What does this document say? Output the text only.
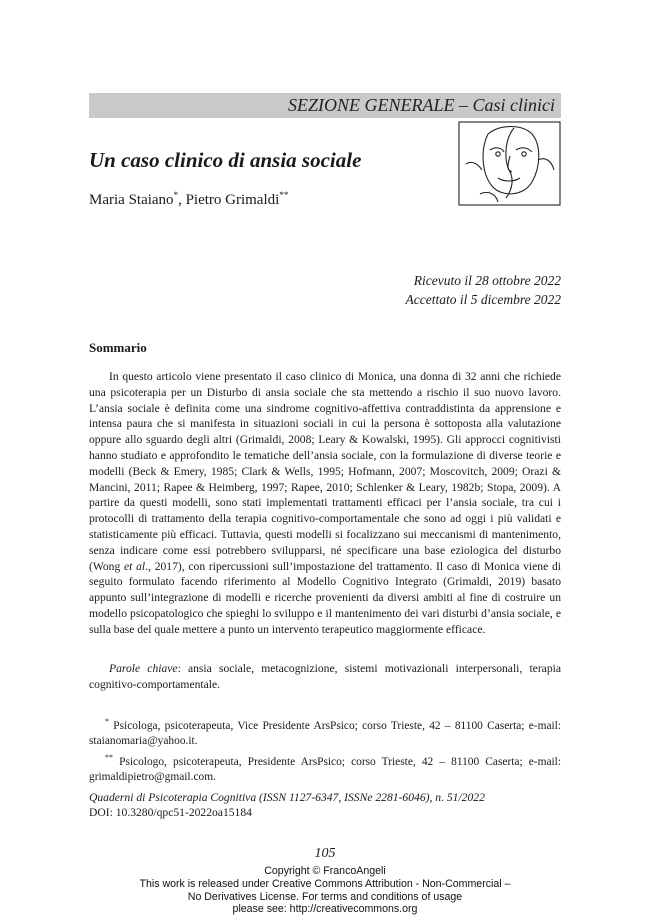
SEZIONE GENERALE – Casi clinici
Un caso clinico di ansia sociale
Maria Staiano*, Pietro Grimaldi**
Ricevuto il 28 ottobre 2022
Accettato il 5 dicembre 2022
Sommario

In questo articolo viene presentato il caso clinico di Monica, una donna di 32 anni che richiede una psicoterapia per un Disturbo di ansia sociale che sta mettendo a rischio il suo nuovo lavoro. L’ansia sociale è definita come una sindrome cognitivo-affettiva contraddistinta da apprensione e intensa paura che si manifesta in situazioni sociali in cui la persona è sottoposta alla valutazione oppure allo sguardo degli altri (Grimaldi, 2008; Leary & Kowalski, 1995). Gli approcci cognitivisti hanno studiato e approfondito le tematiche dell’ansia sociale, con la formulazione di diverse teorie e modelli (Beck & Emery, 1985; Clark & Wells, 1995; Hofmann, 2007; Moscovitch, 2009; Orazi & Mancini, 2011; Rapee & Heimberg, 1997; Rapee, 2010; Schlenker & Leary, 1982b; Stopa, 2009). A partire da questi modelli, sono stati implementati trattamenti efficaci per l’ansia sociale, tra cui i protocolli di trattamento della terapia cognitivo-comportamentale che sono ad oggi i più validati e statisticamente più efficaci. Tuttavia, questi modelli si focalizzano sui meccanismi di mantenimento, senza indicare come essi potrebbero svilupparsi, né specificare una base eziologica del disturbo (Wong et al., 2017), con ripercussioni sull’impostazione del trattamento. Il caso di Monica viene di seguito formulato facendo riferimento al Modello Cognitivo Integrato (Grimaldi, 2019) basato appunto sull’integrazione di modelli e ricerche provenienti da diversi ambiti al fine di costruire un modello psicopatologico che spieghi lo sviluppo e il mantenimento dei vari disturbi d’ansia sociale, e sulla base del quale mettere a punto un intervento terapeutico maggiormente efficace.

Parole chiave: ansia sociale, metacognizione, sistemi motivazionali interpersonali, terapia cognitivo-comportamentale.

* Psicologa, psicoterapeuta, Vice Presidente ArsPsico; corso Trieste, 42 – 81100 Caserta; e-mail: staianomaria@yahoo.it.

** Psicologo, psicoterapeuta, Presidente ArsPsico; corso Trieste, 42 – 81100 Caserta; e-mail: grimaldipietro@gmail.com.

Quaderni di Psicoterapia Cognitiva (ISSN 1127-6347, ISSNe 2281-6046), n. 51/2022
DOI: 10.3280/qpc51-2022oa15184
105
Copyright © FrancoAngeli
This work is released under Creative Commons Attribution - Non-Commercial –
No Derivatives License. For terms and conditions of usage
please see: http://creativecommons.org
